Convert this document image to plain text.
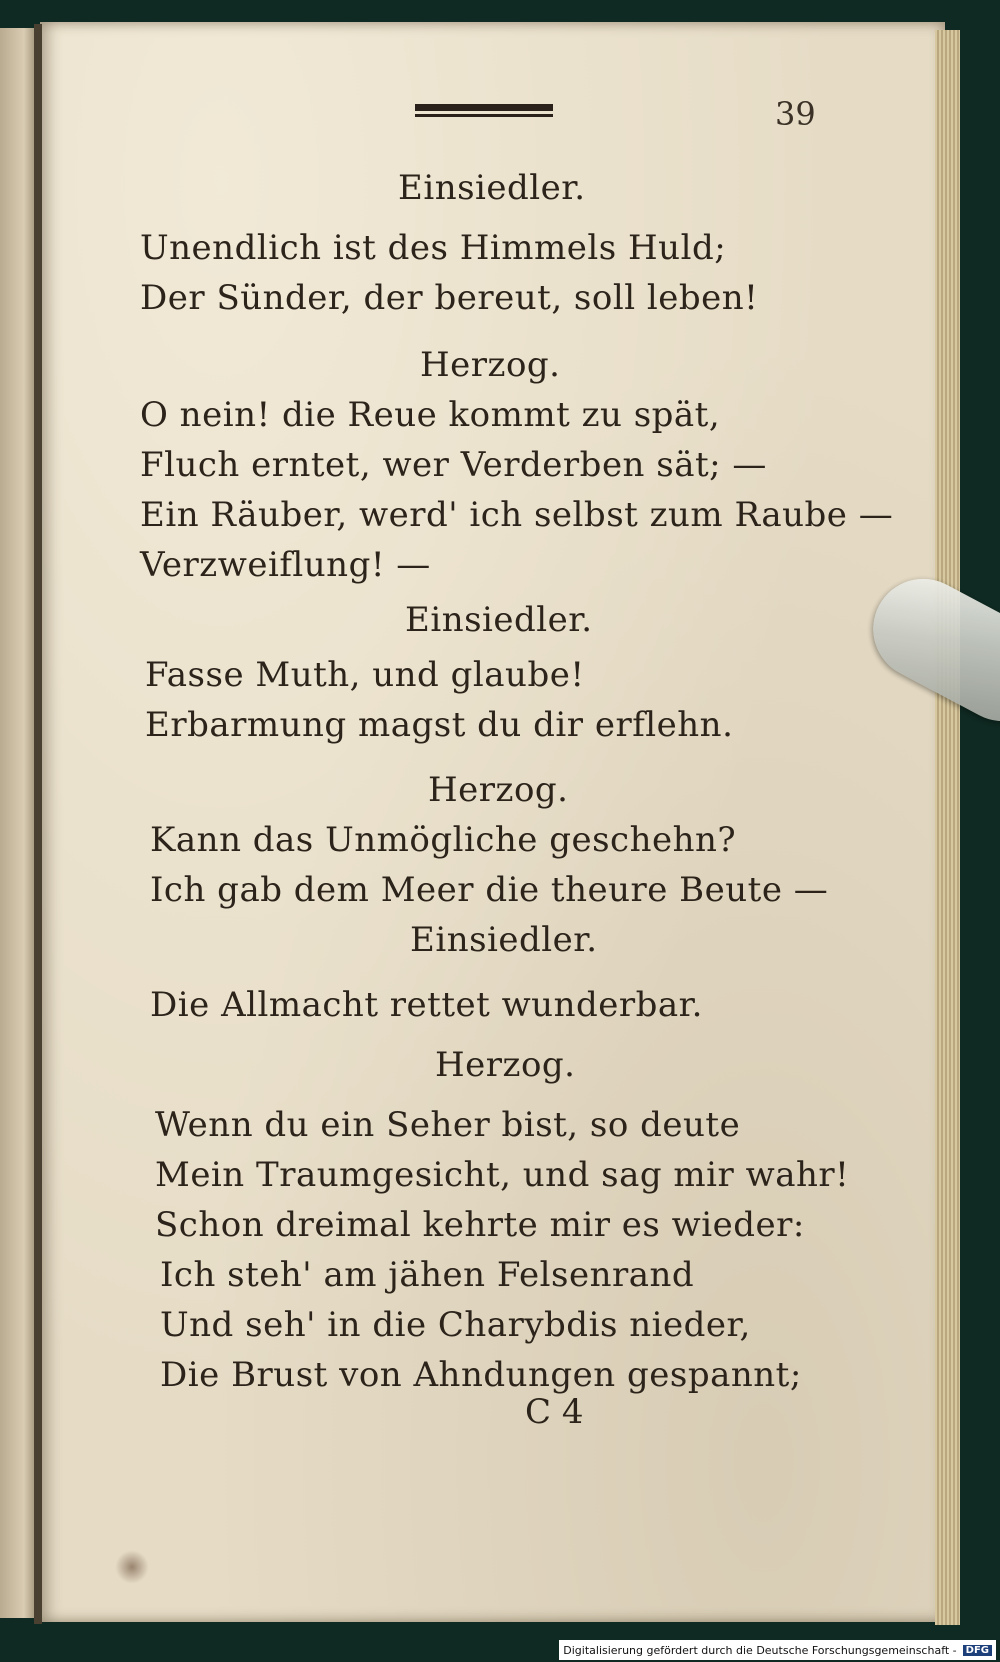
39
Einsiedler.
Unendlich ist des Himmels Huld;
Der Sünder, der bereut, soll leben!
Herzog.
O nein! die Reue kommt zu spät,
Fluch erntet, wer Verderben sät; —
Ein Räuber, werd' ich selbst zum Raube —
Verzweiflung! —
Einsiedler.
Fasse Muth, und glaube!
Erbarmung magst du dir erflehn.
Herzog.
Kann das Unmögliche geschehn?
Ich gab dem Meer die theure Beute —
Einsiedler.
Die Allmacht rettet wunderbar.
Herzog.
Wenn du ein Seher bist, so deute
Mein Traumgesicht, und sag mir wahr!
Schon dreimal kehrte mir es wieder:
Ich steh' am jähen Felsenrand
Und seh' in die Charybdis nieder,
Die Brust von Ahndungen gespannt;
C 4
Digitalisierung gefördert durch die Deutsche Forschungsgemeinschaft - DFG
